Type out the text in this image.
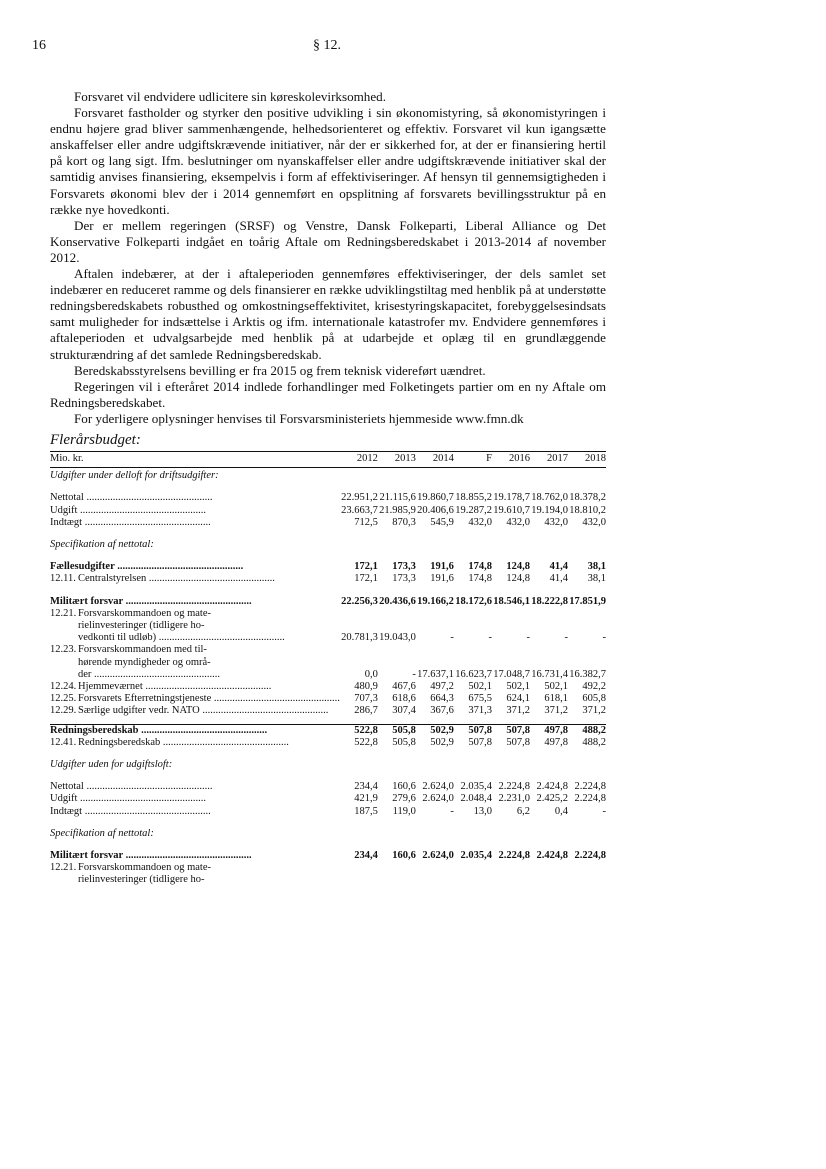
16	§ 12.

Forsvaret vil endvidere udlicitere sin køreskolevirksomhed.

Forsvaret fastholder og styrker den positive udvikling i sin økonomistyring, så økonomistyringen i endnu højere grad bliver sammenhængende, helhedsorienteret og effektiv. Forsvaret vil kun igangsætte anskaffelser eller andre udgiftskrævende initiativer, når der er sikkerhed for, at der er finansiering hertil på kort og lang sigt. Ifm. beslutninger om nyanskaffelser eller andre udgiftskrævende initiativer skal der samtidig anvises finansiering, eksempelvis i form af effektiviseringer. Af hensyn til gennemsigtigheden i Forsvarets økonomi blev der i 2014 gennemført en opsplitning af forsvarets bevillingsstruktur på en række nye hovedkonti.

Der er mellem regeringen (SRSF) og Venstre, Dansk Folkeparti, Liberal Alliance og Det Konservative Folkeparti indgået en toårig Aftale om Redningsberedskabet i 2013-2014 af november 2012.

Aftalen indebærer, at der i aftaleperioden gennemføres effektiviseringer, der dels samlet set indebærer en reduceret ramme og dels finansierer en række udviklingstiltag med henblik på at understøtte redningsberedskabets robusthed og omkostningseffektivitet, krisestyringskapacitet, forebyggelsesindsats samt muligheder for indsættelse i Arktis og ifm. internationale katastrofer mv. Endvidere gennemføres i aftaleperioden et udvalgsarbejde med henblik på at udarbejde et oplæg til en grundlæggende strukturændring af det samlede Redningsberedskab.

Beredskabsstyrelsens bevilling er fra 2015 og frem teknisk videreført uændret.

Regeringen vil i efteråret 2014 indlede forhandlinger med Folketingets partier om en ny Aftale om Redningsberedskabet.

For yderligere oplysninger henvises til Forsvarsministeriets hjemmeside www.fmn.dk

Flerårsbudget:
Mio. kr.	2012	2013	2014	F	2016	2017	2018
Udgifter under delloft for driftsudgifter:							

Nettotal .....	22.951,2	21.115,6	19.860,7	18.855,2	19.178,7	18.762,0	18.378,2

Udgift .....	23.663,7	21.985,9	20.406,6	19.287,2	19.610,7	19.194,0	18.810,2

Indtægt .....	712,5	870,3	545,9	432,0	432,0	432,0	432,0

Specifikation af nettotal:							

Fællesudgifter .....	172,1	173,3	191,6	174,8	124,8	41,4	38,1

12.11. Centralstyrelsen .....	172,1	173,3	191,6	174,8	124,8	41,4	38,1

Militært forsvar .....	22.256,3	20.436,6	19.166,2	18.172,6	18.546,1	18.222,8	17.851,9
12.21. Forsvarskommandoen og mate-							
rielinvesteringer (tidligere ho-							

vedkonti til udløb) .....	20.781,3	19.043,0	-	-	-	-	-
12.23. Forsvarskommandoen med til-							
hørende myndigheder og områ-							

der .....	0,0	-	17.637,1	16.623,7	17.048,7	16.731,4	16.382,7

12.24. Hjemmeværnet .....	480,9	467,6	497,2	502,1	502,1	502,1	492,2

12.25. Forsvarets Efterretningstjeneste .....	707,3	618,6	664,3	675,5	624,1	618,1	605,8

12.29. Særlige udgifter vedr. NATO .....	286,7	307,4	367,6	371,3	371,2	371,2	371,2

Redningsberedskab .....	522,8	505,8	502,9	507,8	507,8	497,8	488,2

12.41. Redningsberedskab .....	522,8	505,8	502,9	507,8	507,8	497,8	488,2

Udgifter uden for udgiftsloft:							

Nettotal .....	234,4	160,6	2.624,0	2.035,4	2.224,8	2.424,8	2.224,8

Udgift .....	421,9	279,6	2.624,0	2.048,4	2.231,0	2.425,2	2.224,8

Indtægt .....	187,5	119,0	-	13,0	6,2	0,4	-

Specifikation af nettotal:							

Militært forsvar .....	234,4	160,6	2.624,0	2.035,4	2.224,8	2.424,8	2.224,8
12.21. Forsvarskommandoen og mate-							
rielinvesteringer (tidligere ho-							
